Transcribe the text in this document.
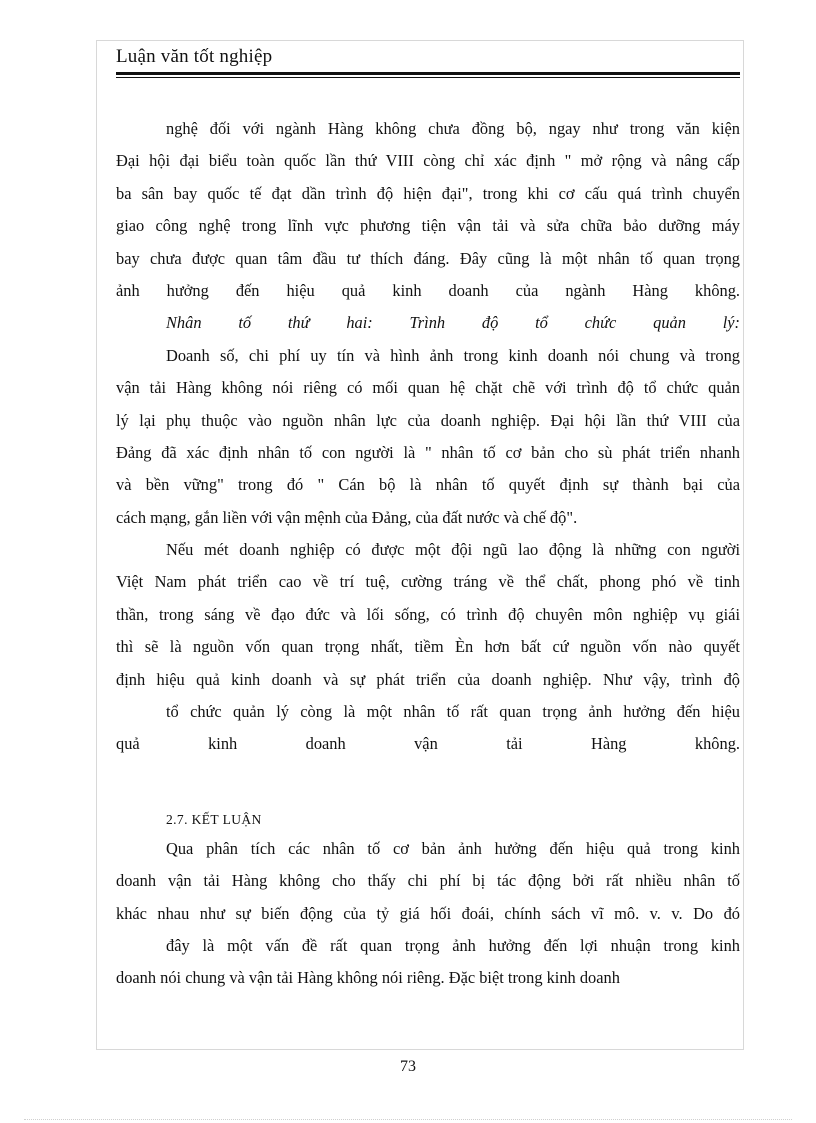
Luận văn tốt nghiệp
nghệ đối với ngành Hàng không chưa đồng bộ, ngay như trong văn kiện
Đại hội đại biểu toàn quốc lần thứ VIII còng chỉ xác định " mở rộng và nâng cấp
ba sân bay quốc tế đạt dần trình độ hiện đại", trong khi cơ cấu quá trình chuyển
giao công nghệ trong lĩnh vực phương tiện vận tải và sửa chữa bảo dưỡng máy
bay chưa được quan tâm đầu tư thích đáng. Đây cũng là một nhân tố quan trọng
ảnh hưởng đến hiệu quả kinh doanh của ngành Hàng không.
Nhân tố thứ hai: Trình độ tổ chức quản lý:
Doanh số, chi phí uy tín và hình ảnh trong kinh doanh nói chung và trong
vận tải Hàng không nói riêng có mối quan hệ chặt chẽ với trình độ tổ chức quản
lý lại phụ thuộc vào nguồn nhân lực của doanh nghiệp. Đại hội lần thứ VIII của
Đảng đã xác định nhân tố con người là " nhân tố cơ bản cho sù phát triển nhanh
và bền vững" trong đó " Cán bộ là nhân tố quyết định sự thành bại của
cách mạng, gắn liền với vận mệnh của Đảng, của đất nước và chế độ".
Nếu mét doanh nghiệp có được một đội ngũ lao động là những con người
Việt Nam phát triển cao về trí tuệ, cường tráng về thể chất, phong phó về tinh
thần, trong sáng về đạo đức và lối sống, có trình độ chuyên môn nghiệp vụ giái
thì sẽ là nguồn vốn quan trọng nhất, tiềm Èn hơn bất cứ nguồn vốn nào quyết
định hiệu quả kinh doanh và sự phát triển của doanh nghiệp. Như vậy, trình độ
tổ chức quản lý còng là một nhân tố rất quan trọng ảnh hưởng đến hiệu
quả kinh doanh vận tải Hàng không.
2.7. KẾT LUẬN
Qua phân tích các nhân tố cơ bản ảnh hưởng đến hiệu quả trong kinh
doanh vận tải Hàng không cho thấy chi phí bị tác động bởi rất nhiều nhân tố
khác nhau như sự biến động của tỷ giá hối đoái, chính sách vĩ mô. v. v. Do đó
đây là một vấn đề rất quan trọng ảnh hưởng đến lợi nhuận trong kinh
doanh nói chung và vận tải Hàng không nói riêng. Đặc biệt trong kinh doanh
73
